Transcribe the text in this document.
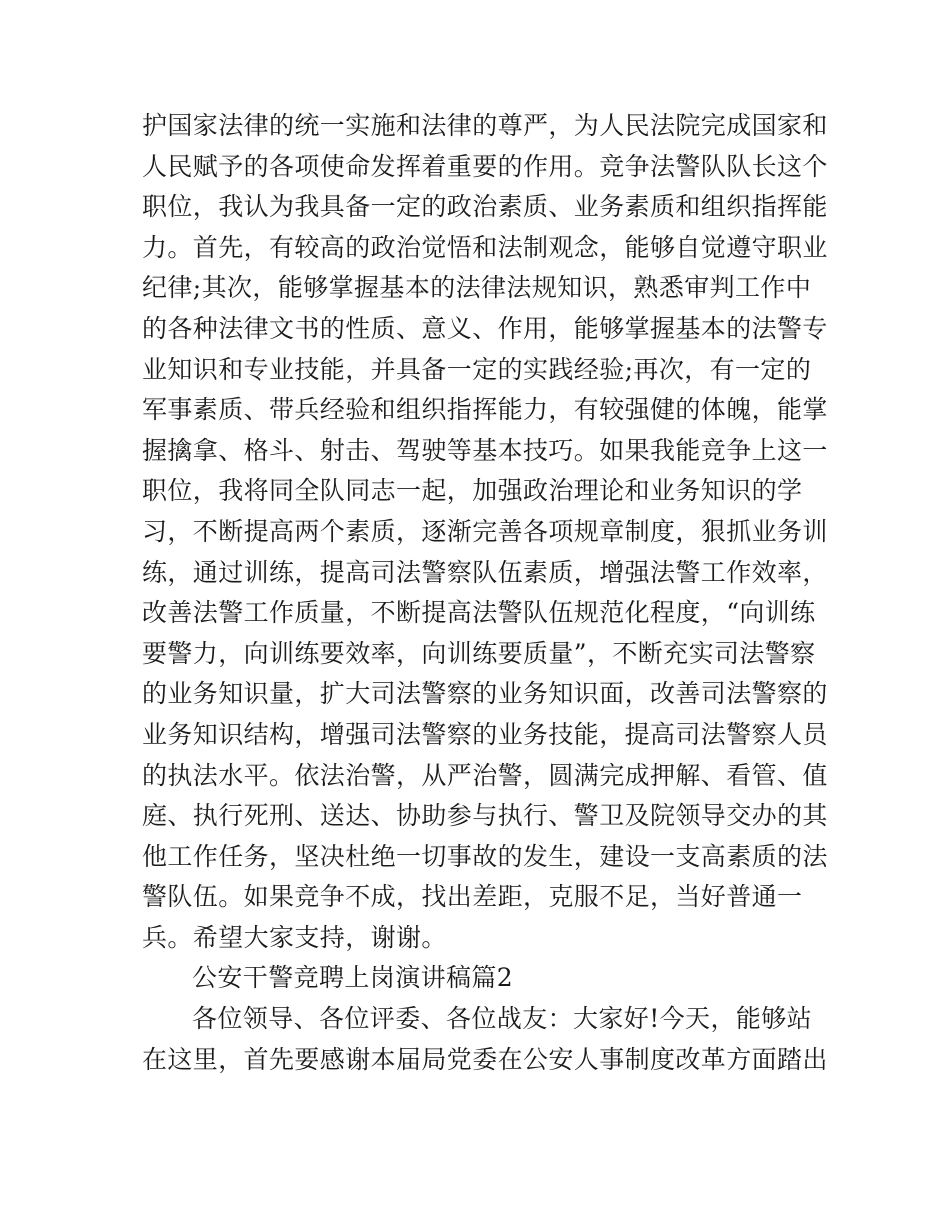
护国家法律的统一实施和法律的尊严，为人民法院完成国家和
人民赋予的各项使命发挥着重要的作用。竞争法警队队长这个
职位，我认为我具备一定的政治素质、业务素质和组织指挥能
力。首先，有较高的政治觉悟和法制观念，能够自觉遵守职业
纪律;其次，能够掌握基本的法律法规知识，熟悉审判工作中
的各种法律文书的性质、意义、作用，能够掌握基本的法警专
业知识和专业技能，并具备一定的实践经验;再次，有一定的
军事素质、带兵经验和组织指挥能力，有较强健的体魄，能掌
握擒拿、格斗、射击、驾驶等基本技巧。如果我能竞争上这一
职位，我将同全队同志一起，加强政治理论和业务知识的学
习，不断提高两个素质，逐渐完善各项规章制度，狠抓业务训
练，通过训练，提高司法警察队伍素质，增强法警工作效率，
改善法警工作质量，不断提高法警队伍规范化程度，“向训练
要警力，向训练要效率，向训练要质量”，不断充实司法警察
的业务知识量，扩大司法警察的业务知识面，改善司法警察的
业务知识结构，增强司法警察的业务技能，提高司法警察人员
的执法水平。依法治警，从严治警，圆满完成押解、看管、值
庭、执行死刑、送达、协助参与执行、警卫及院领导交办的其
他工作任务，坚决杜绝一切事故的发生，建设一支高素质的法
警队伍。如果竞争不成，找出差距，克服不足，当好普通一
兵。希望大家支持，谢谢。
公安干警竞聘上岗演讲稿篇2
各位领导、各位评委、各位战友：大家好!今天，能够站
在这里，首先要感谢本届局党委在公安人事制度改革方面踏出
